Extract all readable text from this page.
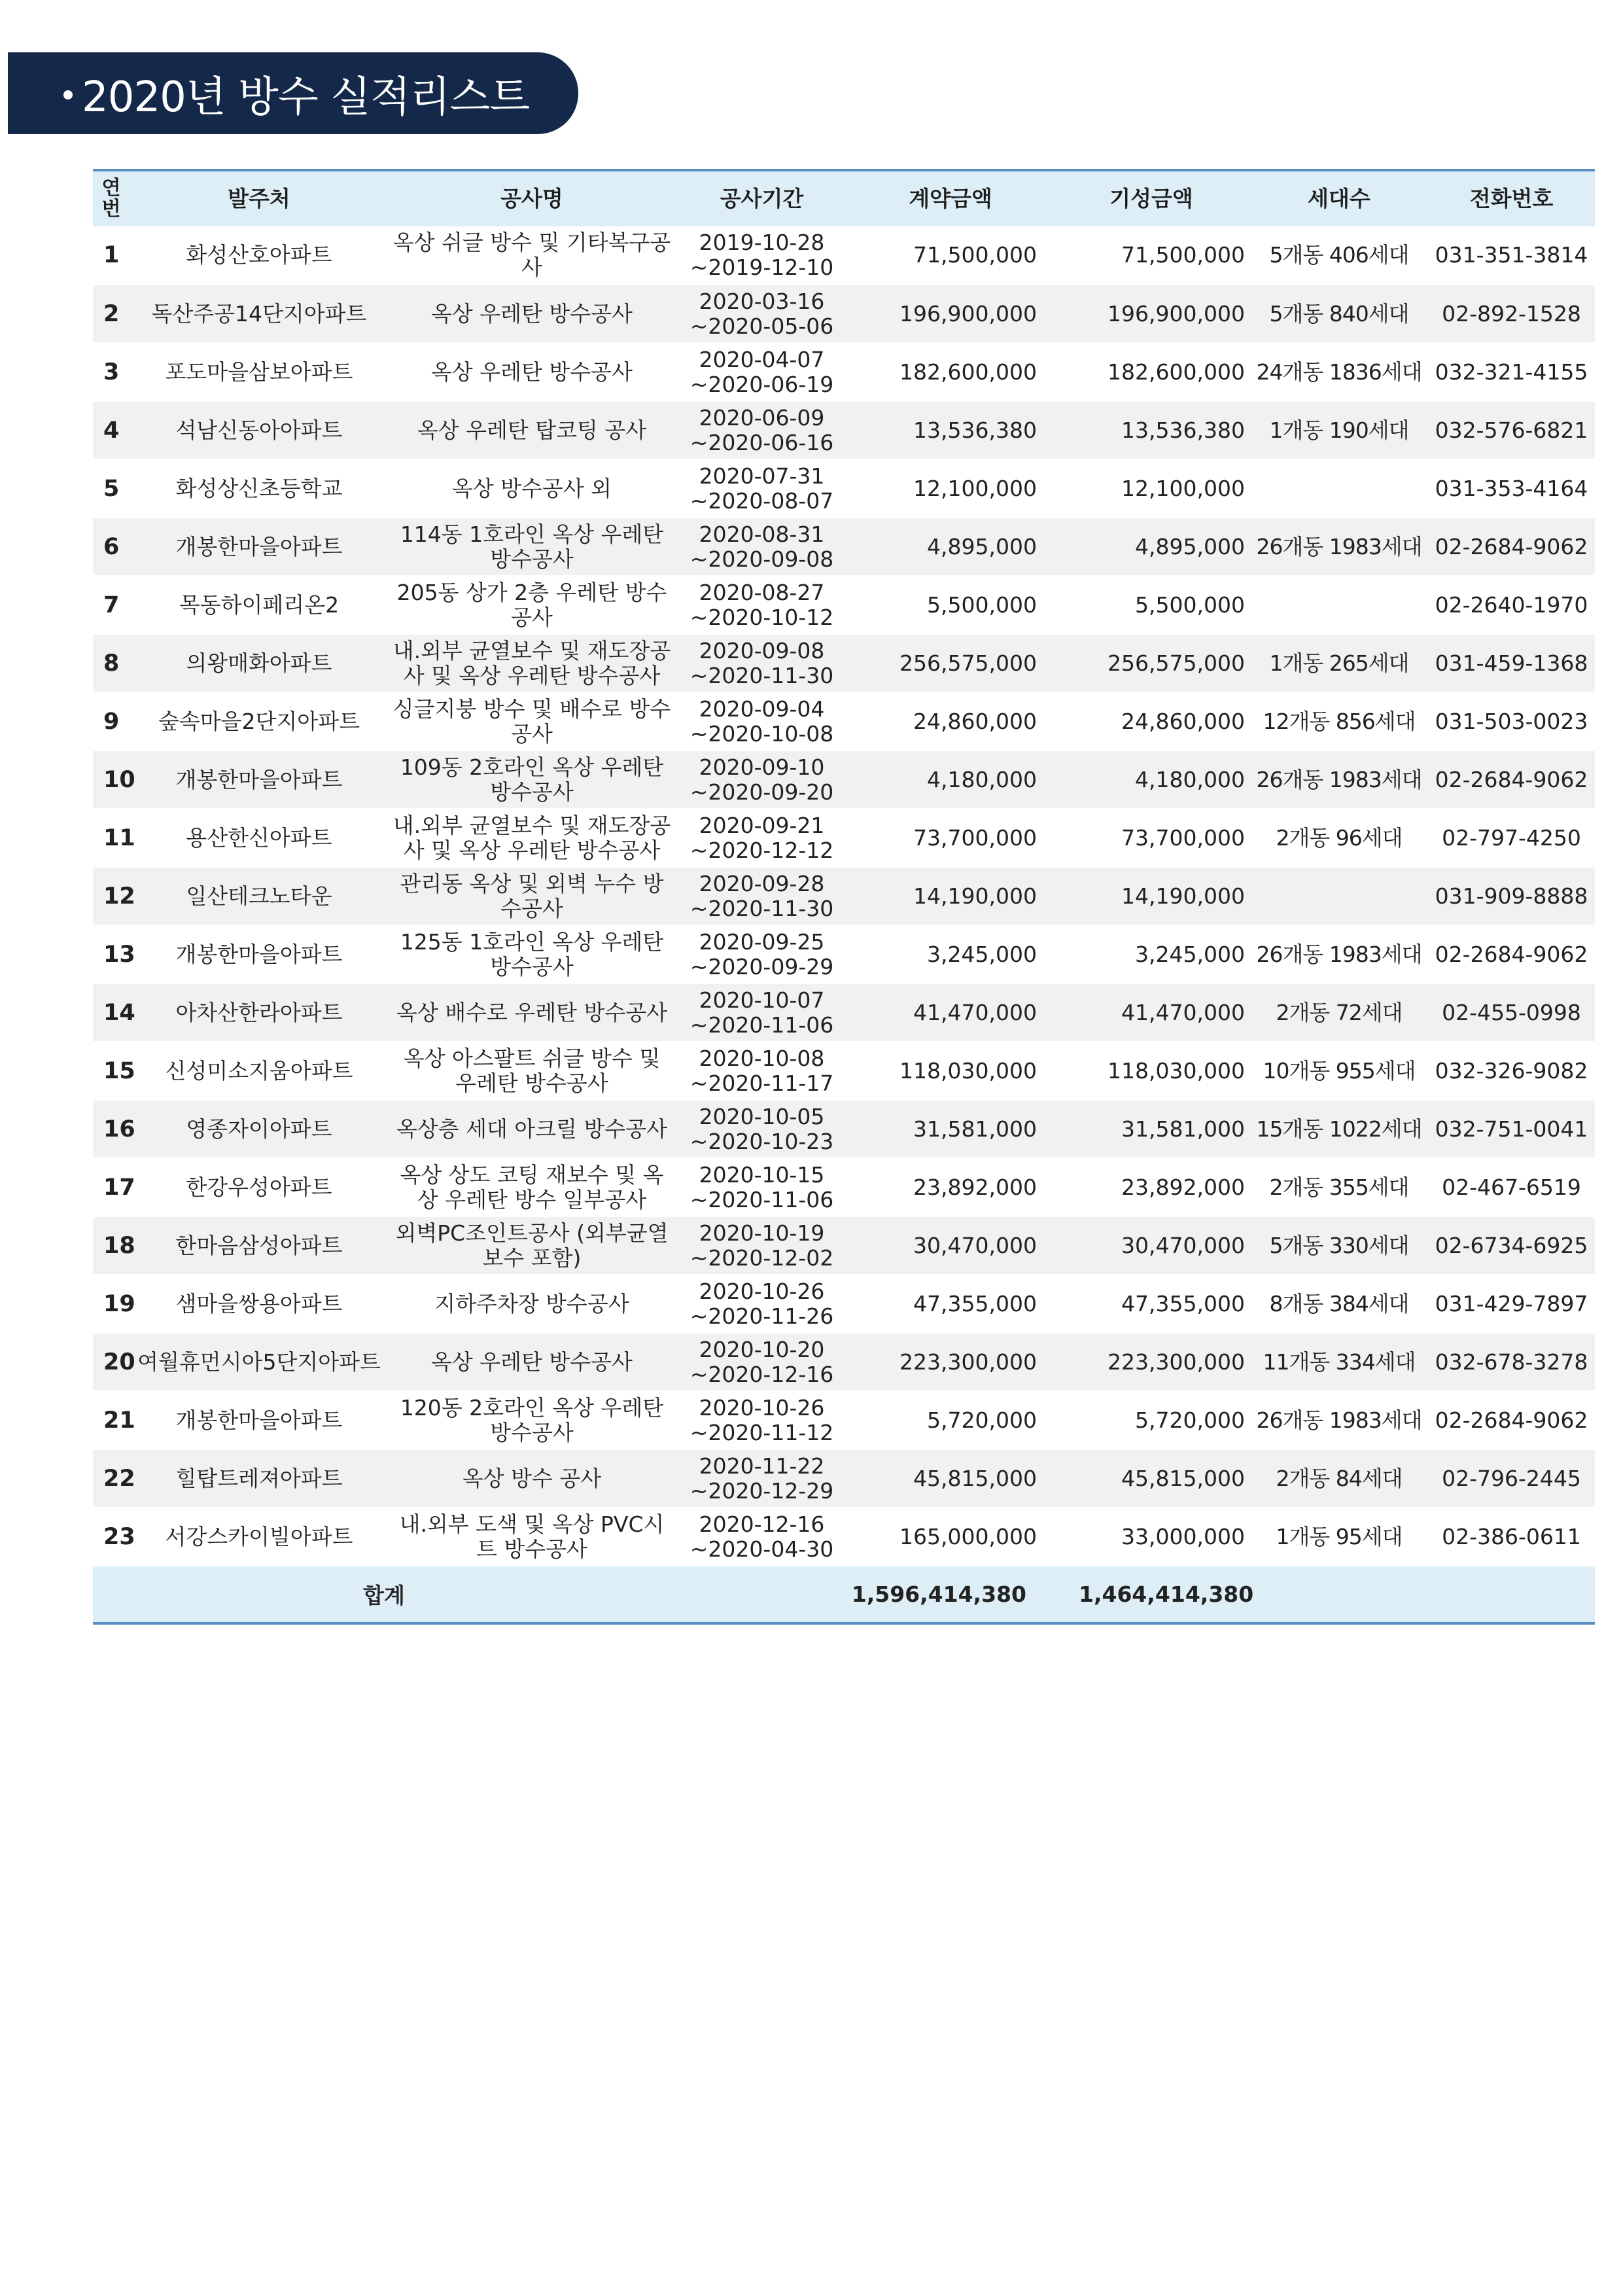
2020년 방수 실적리스트
연번	발주처	공사명	공사기간	계약금액	기성금액	세대수	전화번호
1	화성산호아파트	옥상 쉬글 방수 및 기타복구공사	2019-10-28
~2019-12-10	71,500,000	71,500,000	5개동 406세대	031-351-3814
2	독산주공14단지아파트	옥상 우레탄 방수공사	2020-03-16
~2020-05-06	196,900,000	196,900,000	5개동 840세대	02-892-1528
3	포도마을삼보아파트	옥상 우레탄 방수공사	2020-04-07
~2020-06-19	182,600,000	182,600,000	24개동 1836세대	032-321-4155
4	석남신동아아파트	옥상 우레탄 탑코팅 공사	2020-06-09
~2020-06-16	13,536,380	13,536,380	1개동 190세대	032-576-6821
5	화성상신초등학교	옥상 방수공사 외	2020-07-31
~2020-08-07	12,100,000	12,100,000		031-353-4164
6	개봉한마을아파트	114동 1호라인 옥상 우레탄 방수공사	2020-08-31
~2020-09-08	4,895,000	4,895,000	26개동 1983세대	02-2684-9062
7	목동하이페리온2	205동 상가 2층 우레탄 방수공사	2020-08-27
~2020-10-12	5,500,000	5,500,000		02-2640-1970
8	의왕매화아파트	내.외부 균열보수 및 재도장공사 및 옥상 우레탄 방수공사	2020-09-08
~2020-11-30	256,575,000	256,575,000	1개동 265세대	031-459-1368
9	숲속마을2단지아파트	싱글지붕 방수 및 배수로 방수공사	2020-09-04
~2020-10-08	24,860,000	24,860,000	12개동 856세대	031-503-0023
10	개봉한마을아파트	109동 2호라인 옥상 우레탄 방수공사	2020-09-10
~2020-09-20	4,180,000	4,180,000	26개동 1983세대	02-2684-9062
11	용산한신아파트	내.외부 균열보수 및 재도장공사 및 옥상 우레탄 방수공사	2020-09-21
~2020-12-12	73,700,000	73,700,000	2개동 96세대	02-797-4250
12	일산테크노타운	관리동 옥상 및 외벽 누수 방수공사	2020-09-28
~2020-11-30	14,190,000	14,190,000		031-909-8888
13	개봉한마을아파트	125동 1호라인 옥상 우레탄 방수공사	2020-09-25
~2020-09-29	3,245,000	3,245,000	26개동 1983세대	02-2684-9062
14	아차산한라아파트	옥상 배수로 우레탄 방수공사	2020-10-07
~2020-11-06	41,470,000	41,470,000	2개동 72세대	02-455-0998
15	신성미소지움아파트	옥상 아스팔트 쉬글 방수 및 우레탄 방수공사	2020-10-08
~2020-11-17	118,030,000	118,030,000	10개동 955세대	032-326-9082
16	영종자이아파트	옥상층 세대 아크릴 방수공사	2020-10-05
~2020-10-23	31,581,000	31,581,000	15개동 1022세대	032-751-0041
17	한강우성아파트	옥상 상도 코팅 재보수 및 옥상 우레탄 방수 일부공사	2020-10-15
~2020-11-06	23,892,000	23,892,000	2개동 355세대	02-467-6519
18	한마음삼성아파트	외벽PC조인트공사 (외부균열보수 포함)	2020-10-19
~2020-12-02	30,470,000	30,470,000	5개동 330세대	02-6734-6925
19	샘마을쌍용아파트	지하주차장 방수공사	2020-10-26
~2020-11-26	47,355,000	47,355,000	8개동 384세대	031-429-7897
20	여월휴먼시아5단지아파트	옥상 우레탄 방수공사	2020-10-20
~2020-12-16	223,300,000	223,300,000	11개동 334세대	032-678-3278
21	개봉한마을아파트	120동 2호라인 옥상 우레탄 방수공사	2020-10-26
~2020-11-12	5,720,000	5,720,000	26개동 1983세대	02-2684-9062
22	힐탑트레져아파트	옥상 방수 공사	2020-11-22
~2020-12-29	45,815,000	45,815,000	2개동 84세대	02-796-2445
23	서강스카이빌아파트	내.외부 도색 및 옥상 PVC시트 방수공사	2020-12-16
~2020-04-30	165,000,000	33,000,000	1개동 95세대	02-386-0611
합계				1,596,414,380	1,464,414,380		
